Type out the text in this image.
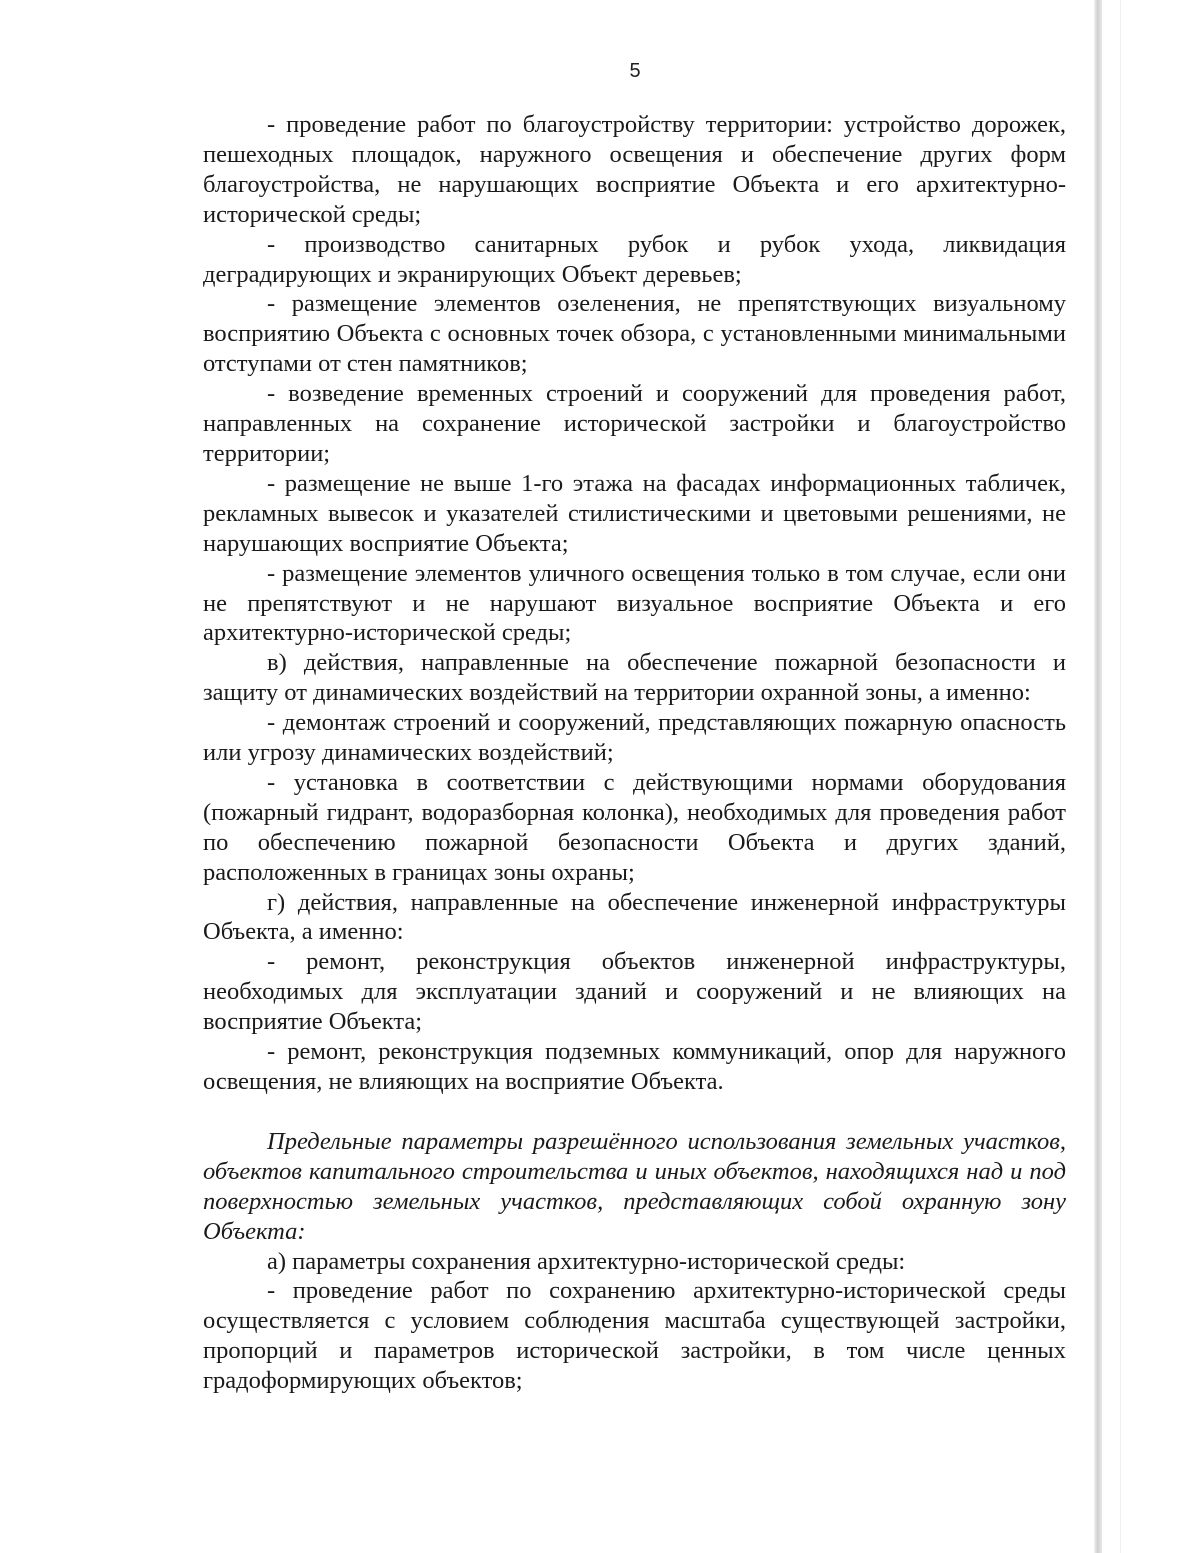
5

- проведение работ по благоустройству территории: устройство дорожек, пешеходных площадок, наружного освещения и обеспечение других форм благоустройства, не нарушающих восприятие Объекта и его архитектурно-исторической среды;

- производство санитарных рубок и рубок ухода, ликвидация деградирующих и экранирующих Объект деревьев;

- размещение элементов озеленения, не препятствующих визуальному восприятию Объекта с основных точек обзора, с установленными минимальными отступами от стен памятников;

- возведение временных строений и сооружений для проведения работ, направленных на сохранение исторической застройки и благоустройство территории;

- размещение не выше 1-го этажа на фасадах информационных табличек, рекламных вывесок и указателей стилистическими и цветовыми решениями, не нарушающих восприятие Объекта;

- размещение элементов уличного освещения только в том случае, если они не препятствуют и не нарушают визуальное восприятие Объекта и его архитектурно-исторической среды;

в) действия, направленные на обеспечение пожарной безопасности и защиту от динамических воздействий на территории охранной зоны, а именно:

- демонтаж строений и сооружений, представляющих пожарную опасность или угрозу динамических воздействий;

- установка в соответствии с действующими нормами оборудования (пожарный гидрант, водоразборная колонка), необходимых для проведения работ по обеспечению пожарной безопасности Объекта и других зданий, расположенных в границах зоны охраны;

г) действия, направленные на обеспечение инженерной инфраструктуры Объекта, а именно:

- ремонт, реконструкция объектов инженерной инфраструктуры, необходимых для эксплуатации зданий и сооружений и не влияющих на восприятие Объекта;

- ремонт, реконструкция подземных коммуникаций, опор для наружного освещения, не влияющих на восприятие Объекта.

Предельные параметры разрешённого использования земельных участков, объектов капитального строительства и иных объектов, находящихся над и под поверхностью земельных участков, представляющих собой охранную зону Объекта:

а) параметры сохранения архитектурно-исторической среды:

- проведение работ по сохранению архитектурно-исторической среды осуществляется с условием соблюдения масштаба существующей застройки, пропорций и параметров исторической застройки, в том числе ценных градоформирующих объектов;
